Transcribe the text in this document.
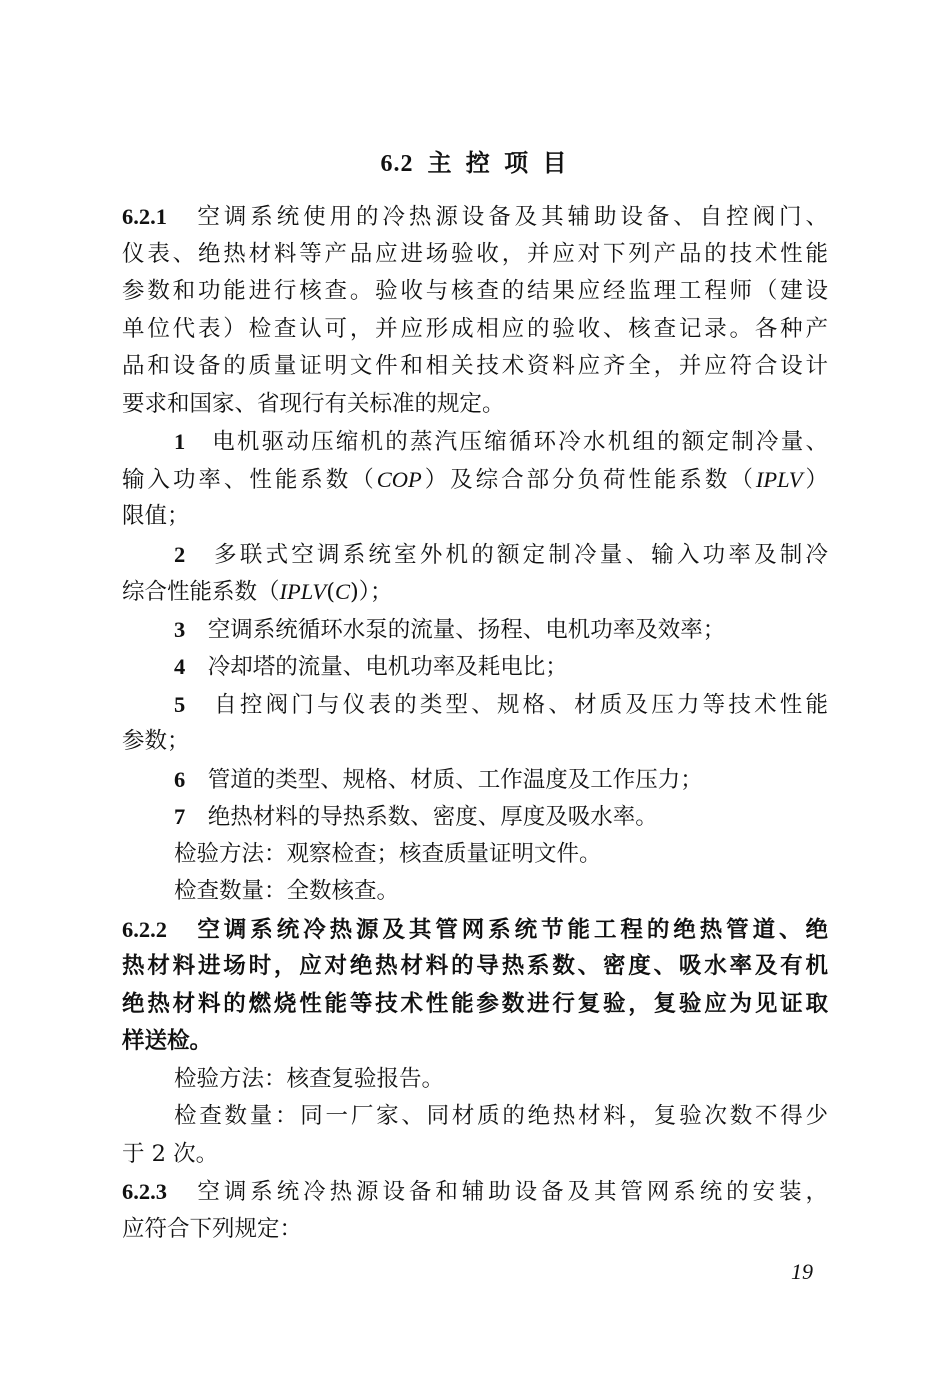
6.2 主 控 项 目
6.2.1　空调系统使用的冷热源设备及其辅助设备、自控阀门、
仪表、绝热材料等产品应进场验收，并应对下列产品的技术性能
参数和功能进行核查。验收与核查的结果应经监理工程师（建设
单位代表）检查认可，并应形成相应的验收、核查记录。各种产
品和设备的质量证明文件和相关技术资料应齐全，并应符合设计
要求和国家、省现行有关标准的规定。
1　电机驱动压缩机的蒸汽压缩循环冷水机组的额定制冷量、
输入功率、性能系数（COP）及综合部分负荷性能系数（IPLV）
限值；
2　多联式空调系统室外机的额定制冷量、输入功率及制冷
综合性能系数（IPLV(C)）；
3　空调系统循环水泵的流量、扬程、电机功率及效率；
4　冷却塔的流量、电机功率及耗电比；
5　自控阀门与仪表的类型、规格、材质及压力等技术性能
参数；
6　管道的类型、规格、材质、工作温度及工作压力；
7　绝热材料的导热系数、密度、厚度及吸水率。
检验方法：观察检查；核查质量证明文件。
检查数量：全数核查。
6.2.2　空调系统冷热源及其管网系统节能工程的绝热管道、绝
热材料进场时，应对绝热材料的导热系数、密度、吸水率及有机
绝热材料的燃烧性能等技术性能参数进行复验，复验应为见证取
样送检。
检验方法：核查复验报告。
检查数量：同一厂家、同材质的绝热材料，复验次数不得少
于 2 次。
6.2.3　空调系统冷热源设备和辅助设备及其管网系统的安装，
应符合下列规定：
19
